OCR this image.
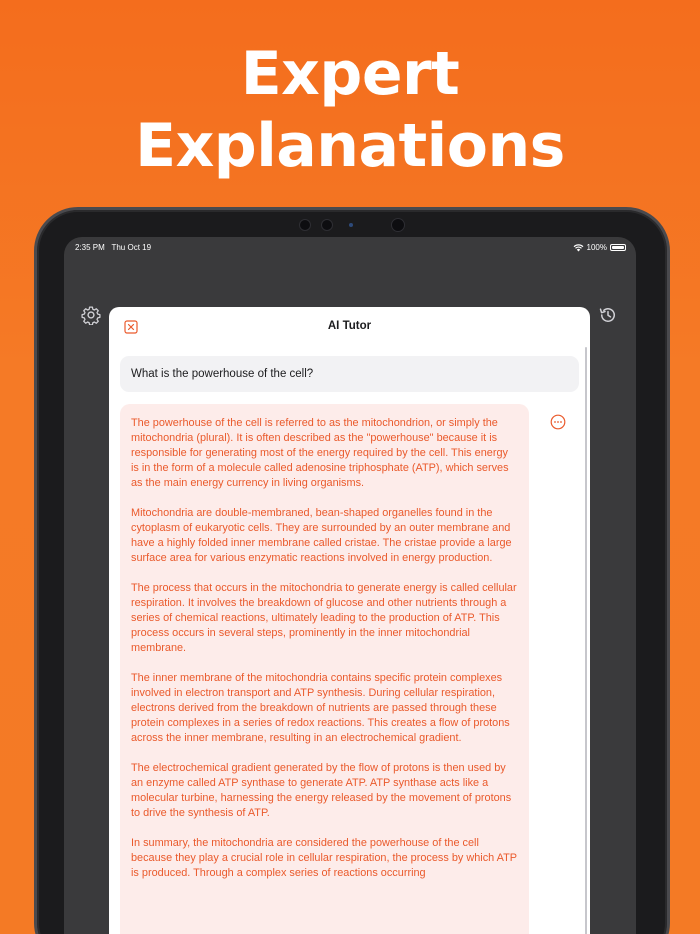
Expert
Explanations
2:35 PM Thu Oct 19	100%
AI Tutor
What is the powerhouse of the cell?

The powerhouse of the cell is referred to as the mitochondrion, or simply the mitochondria (plural). It is often described as the "powerhouse" because it is responsible for generating most of the energy required by the cell. This energy is in the form of a molecule called adenosine triphosphate (ATP), which serves as the main energy currency in living organisms.

Mitochondria are double-membraned, bean-shaped organelles found in the cytoplasm of eukaryotic cells. They are surrounded by an outer membrane and have a highly folded inner membrane called cristae. The cristae provide a large surface area for various enzymatic reactions involved in energy production.

The process that occurs in the mitochondria to generate energy is called cellular respiration. It involves the breakdown of glucose and other nutrients through a series of chemical reactions, ultimately leading to the production of ATP. This process occurs in several steps, prominently in the inner mitochondrial membrane.

The inner membrane of the mitochondria contains specific protein complexes involved in electron transport and ATP synthesis. During cellular respiration, electrons derived from the breakdown of nutrients are passed through these protein complexes in a series of redox reactions. This creates a flow of protons across the inner membrane, resulting in an electrochemical gradient.

The electrochemical gradient generated by the flow of protons is then used by an enzyme called ATP synthase to generate ATP. ATP synthase acts like a molecular turbine, harnessing the energy released by the movement of protons to drive the synthesis of ATP.

In summary, the mitochondria are considered the powerhouse of the cell because they play a crucial role in cellular respiration, the process by which ATP is produced. Through a complex series of reactions occurring
